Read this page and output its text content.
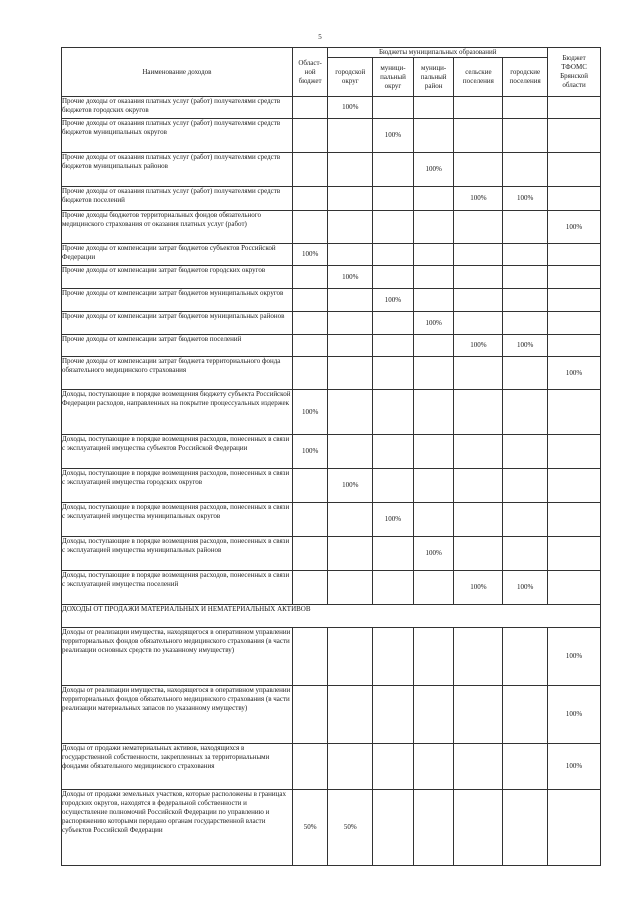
5
Наименование доходов	Област-
ной
бюджет	Бюджеты муниципальных образований					Бюджет
ТФОМС
Брянской
области
		городской
округ	муници-
пальный
округ	муници-
пальный
район	сельские
поселения	городские
поселения	
Прочие доходы от оказания платных услуг (работ) получателями средств бюджетов городских округов		100%					
Прочие доходы от оказания платных услуг (работ) получателями средств бюджетов муниципальных округов			100%				
Прочие доходы от оказания платных услуг (работ) получателями средств бюджетов муниципальных районов				100%			
Прочие доходы от оказания платных услуг (работ) получателями средств бюджетов поселений					100%	100%	
Прочие доходы бюджетов территориальных фондов обязательного медицинского страхования от оказания платных услуг (работ)							100%
Прочие доходы от компенсации затрат бюджетов субъектов Российской Федерации	100%						
Прочие доходы от компенсации затрат бюджетов городских округов		100%					
Прочие доходы от компенсации затрат бюджетов муниципальных округов			100%				
Прочие доходы от компенсации затрат бюджетов муниципальных районов				100%			
Прочие доходы от компенсации затрат бюджетов поселений					100%	100%	
Прочие доходы от компенсации затрат бюджета территориального фонда обязательного медицинского страхования							100%
Доходы, поступающие в порядке возмещения бюджету субъекта Российской Федерации расходов, направленных на покрытие процессуальных издержек	100%						
Доходы, поступающие в порядке возмещения расходов, понесенных в связи с эксплуатацией имущества субъектов Российской Федерации	100%						
Доходы, поступающие в порядке возмещения расходов, понесенных в связи с эксплуатацией имущества городских округов		100%					
Доходы, поступающие в порядке возмещения расходов, понесенных в связи с эксплуатацией имущества муниципальных округов			100%				
Доходы, поступающие в порядке возмещения расходов, понесенных в связи с эксплуатацией имущества муниципальных районов				100%			
Доходы, поступающие в порядке возмещения расходов, понесенных в связи с эксплуатацией имущества поселений					100%	100%	
ДОХОДЫ ОТ ПРОДАЖИ МАТЕРИАЛЬНЫХ И НЕМАТЕРИАЛЬНЫХ АКТИВОВ							
Доходы от реализации имущества, находящегося в оперативном управлении территориальных фондов обязательного медицинского страхования (в части реализации основных средств по указанному имуществу)							100%
Доходы от реализации имущества, находящегося в оперативном управлении территориальных фондов обязательного медицинского страхования (в части реализации материальных запасов по указанному имуществу)							100%
Доходы от продажи нематериальных активов, находящихся в государственной собственности, закрепленных за территориальными фондами обязательного медицинского страхования							100%
Доходы от продажи земельных участков, которые расположены в границах городских округов, находятся в федеральной собственности и осуществление полномочий Российской Федерации по управлению и распоряжению которыми передано органам государственной власти субъектов Российской Федерации	50%	50%					
